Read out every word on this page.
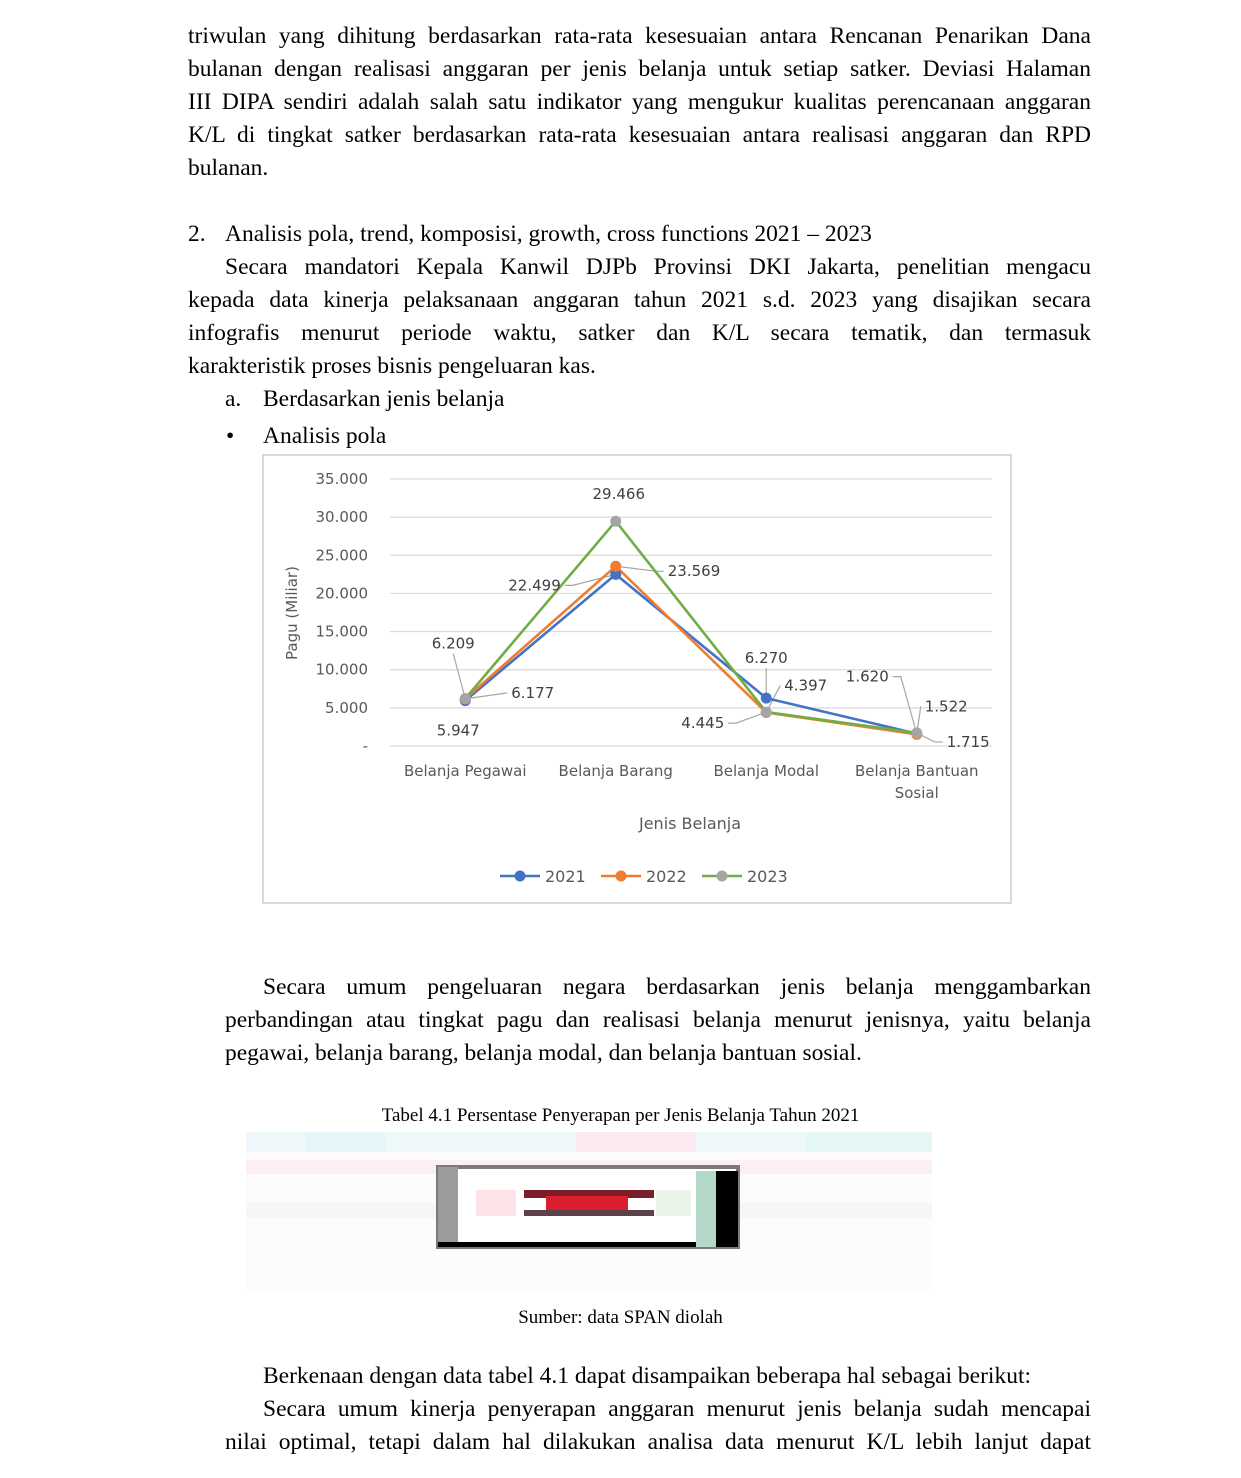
triwulan yang dihitung berdasarkan rata-rata kesesuaian antara Rencanan Penarikan Dana
bulanan dengan realisasi anggaran per jenis belanja untuk setiap satker. Deviasi Halaman
III DIPA sendiri adalah salah satu indikator yang mengukur kualitas perencanaan anggaran
K/L di tingkat satker berdasarkan rata-rata kesesuaian antara realisasi anggaran dan RPD
bulanan.
2. Analisis pola, trend, komposisi, growth, cross functions 2021 – 2023
Secara mandatori Kepala Kanwil DJPb Provinsi DKI Jakarta, penelitian mengacu
kepada data kinerja pelaksanaan anggaran tahun 2021 s.d. 2023 yang disajikan secara
infografis menurut periode waktu, satker dan K/L secara tematik, dan termasuk
karakteristik proses bisnis pengeluaran kas.
a. Berdasarkan jenis belanja
• Analisis pola
-
5.000
10.000
15.000
20.000
25.000
30.000
35.000
Belanja Pegawai Belanja Barang	Belanja Modal Belanja Bantuan
Sosial
Pagu (Miliar)
Jenis Belanja
5.947
22.499
6.270
1.620
6.177
23.569
4.397
1.522
6.209
29.466
4.445
1.715
2021	2022	2023
Secara umum pengeluaran negara berdasarkan jenis belanja menggambarkan
perbandingan atau tingkat pagu dan realisasi belanja menurut jenisnya, yaitu belanja
pegawai, belanja barang, belanja modal, dan belanja bantuan sosial.
Tabel 4.1 Persentase Penyerapan per Jenis Belanja Tahun 2021
Sumber: data SPAN diolah
Berkenaan dengan data tabel 4.1 dapat disampaikan beberapa hal sebagai berikut:
Secara umum kinerja penyerapan anggaran menurut jenis belanja sudah mencapai
nilai optimal, tetapi dalam hal dilakukan analisa data menurut K/L lebih lanjut dapat
